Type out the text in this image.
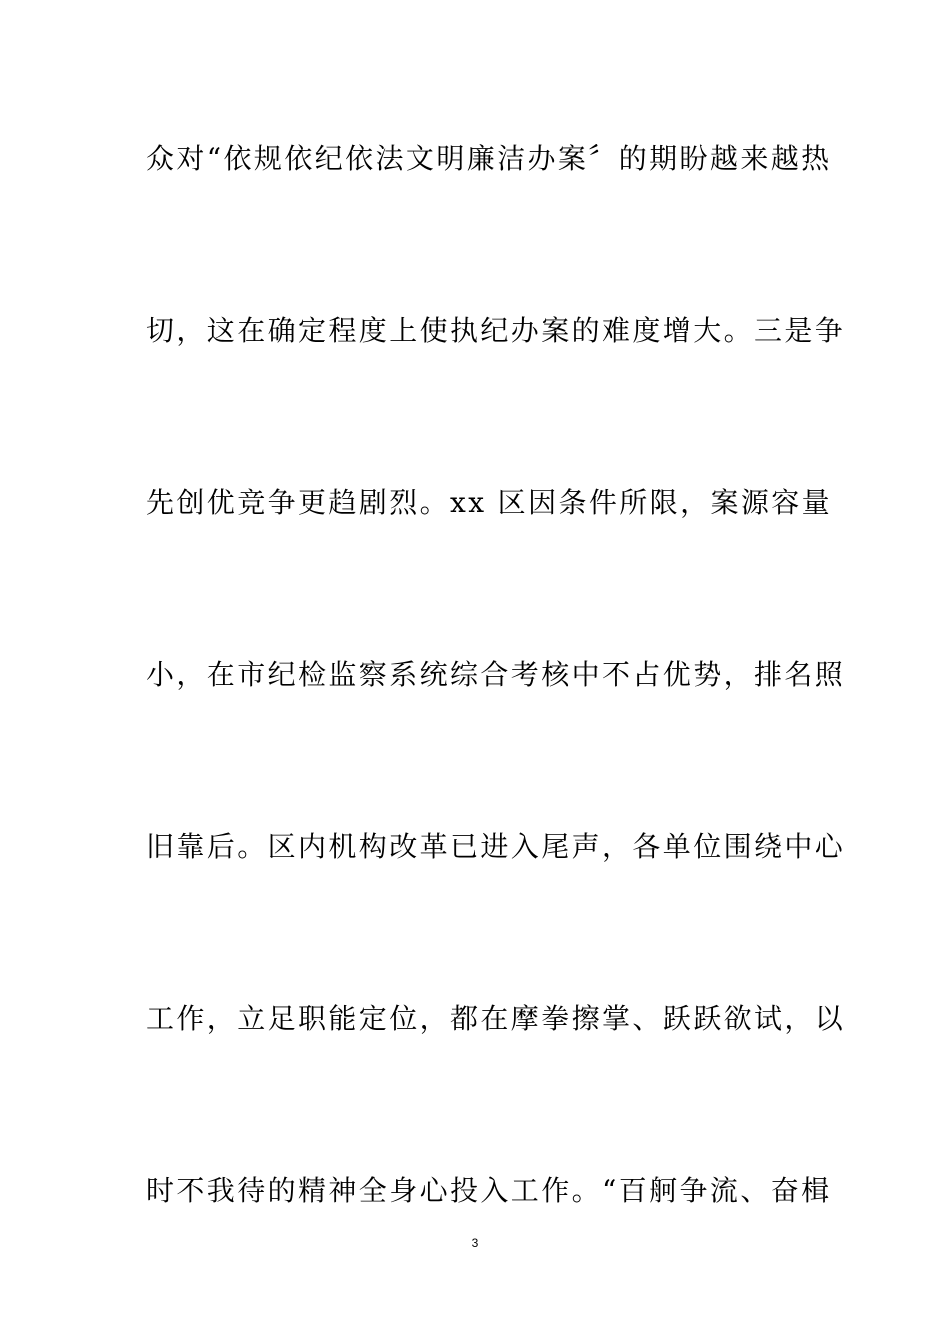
众对“依规依纪依法文明廉洁办案〞的期盼越来越热
切，这在确定程度上使执纪办案的难度增大。三是争
先创优竞争更趋剧烈。xx 区因条件所限，案源容量
小，在市纪检监察系统综合考核中不占优势，排名照
旧靠后。区内机构改革已进入尾声，各单位围绕中心
工作，立足职能定位，都在摩拳擦掌、跃跃欲试，以
时不我待的精神全身心投入工作。“百舸争流、奋楫
3
